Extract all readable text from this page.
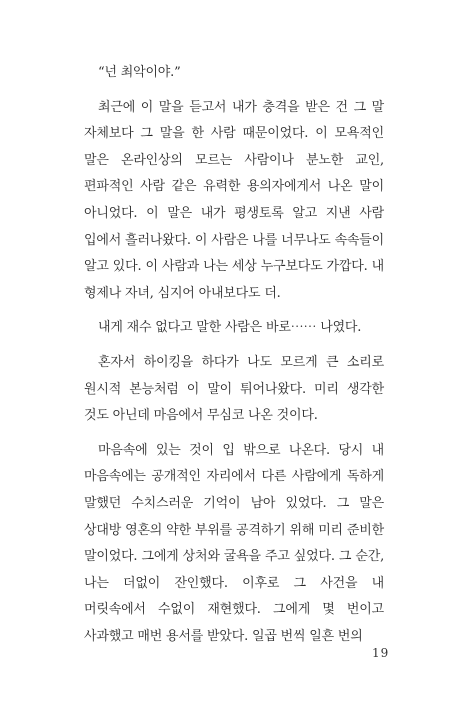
“넌 최악이야.”

최근에 이 말을 듣고서 내가 충격을 받은 건 그 말 자체보다 그 말을 한 사람 때문이었다. 이 모욕적인 말은 온라인상의 모르는 사람이나 분노한 교인, 편파적인 사람 같은 유력한 용의자에게서 나온 말이 아니었다. 이 말은 내가 평생토록 알고 지낸 사람 입에서 흘러나왔다. 이 사람은 나를 너무나도 속속들이 알고 있다. 이 사람과 나는 세상 누구보다도 가깝다. 내 형제나 자녀, 심지어 아내보다도 더.

내게 재수 없다고 말한 사람은 바로⋯⋯ 나였다.

혼자서 하이킹을 하다가 나도 모르게 큰 소리로 원시적 본능처럼 이 말이 튀어나왔다. 미리 생각한 것도 아닌데 마음에서 무심코 나온 것이다.

마음속에 있는 것이 입 밖으로 나온다. 당시 내 마음속에는 공개적인 자리에서 다른 사람에게 독하게 말했던 수치스러운 기억이 남아 있었다. 그 말은 상대방 영혼의 약한 부위를 공격하기 위해 미리 준비한 말이었다. 그에게 상처와 굴욕을 주고 싶었다. 그 순간, 나는 더없이 잔인했다. 이후로 그 사건을 내 머릿속에서 수없이 재현했다. 그에게 몇 번이고 사과했고 매번 용서를 받았다. 일곱 번씩 일흔 번의

19
